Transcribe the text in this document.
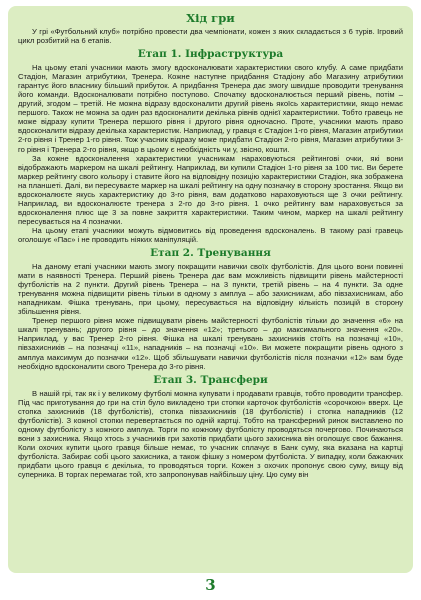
Хід гри

У грі «Футбольний клуб» потрібно провести два чемпіонати, кожен з яких складається з 6 турів. Ігровий цикл розбитий на 6 етапів.

Етап 1. Інфраструктура

На цьому етапі учасники мають змогу вдосконалювати характеристики свого клубу. А саме придбати Стадіон, Магазин атрибутики, Тренера. Кожне наступне придбання Стадіону або Магазину атрибутики гарантує його власнику більший прибуток. А придбання Тренера дає змогу швидше проводити тренування його команди. Вдосконалювати потрібно поступово. Спочатку вдосконалюється перший рівень, потім – другий, згодом – третій. Не можна відразу вдосконалити другий рівень якоїсь характеристики, якщо немає першого. Також не можна за один раз вдосконалити декілька рівнів однієї характеристики. Тобто гравець не може відразу купити Тренера першого рівня і другого рівня одночасно. Проте, учасники мають право вдосконалити відразу декілька характеристик. Наприклад, у гравця є Стадіон 1-го рівня, Магазин атрибутики 2-го рівня і Тренер 1-го рівня. Тож учасник відразу може придбати Стадіон 2-го рівня, Магазин атрибутики 3-го рівня і Тренера 2-го рівня, якщо в цьому є необхідність чи у, звісно, кошти.

За кожне вдосконалення характеристики учасникам нараховуються рейтингові очки, які вони відображають маркером на шкалі рейтингу. Наприклад, ви купили Стадіон 1-го рівня за 100 тис. Ви берете маркер рейтингу свого кольору і ставите його на відповідну позицію характеристики Стадіон, яка зображена на планшеті. Далі, ви пересуваєте маркер на шкалі рейтингу на одну позначку в сторону зростання. Якщо ви вдосконалюєте якусь характеристику до 3-го рівня, вам додатково нараховуються ще 3 очки рейтингу. Наприклад, ви вдосконалюєте тренера з 2-го до 3-го рівня. 1 очко рейтингу вам нараховується за вдосконалення плюс ще 3 за повне закриття характеристики. Таким чином, маркер на шкалі рейтингу пересувається на 4 позначки.

На цьому етапі учасники можуть відмовитись від проведення вдосконалень. В такому разі гравець оголошує «Пас» і не проводить ніяких маніпуляцій.

Етап 2. Тренування

На даному етапі учасники мають змогу покращити навички своїх футболістів. Для цього вони повинні мати в наявності Тренера. Перший рівень Тренера дає вам можливість підвищити рівень майстерності футболістів на 2 пункти. Другий рівень Тренера – на 3 пункти, третій рівень – на 4 пункти. За одне тренування можна підвищити рівень тільки в одному з амплуа – або захисникам, або півзахисникам, або нападникам. Фішка тренувань, при цьому, пересувається на відповідну кількість позицій в сторону збільшення рівня.

Тренер першого рівня може підвищувати рівень майстерності футболістів тільки до значення «6» на шкалі тренувань; другого рівня – до значення «12»; третього – до максимального значення «20». Наприклад, у вас Тренер 2-го рівня. Фішка на шкалі тренувань захисників стоїть на позначці «10», півзахисників – на позначці «11», нападників – на позначці «10». Ви можете покращити рівень одного з амплуа максимум до позначки «12». Щоб збільшувати навички футболістів після позначки «12» вам буде необхідно вдосконалити свого Тренера до 3-го рівня.

Етап 3. Трансфери

В нашій грі, так як і у великому футболі можна купувати і продавати гравців, тобто проводити трансфер. Під час приготування до гри на стіл було викладено три стопки карточок футболістів «сорочкою» вверх. Це стопка захисників (18 футболістів), стопка півзахисників (18 футболістів) і стопка нападників (12 футболістів). З кожної стопки перевертається по одній картці. Тобто на трансферний ринок виставлено по одному футболісту з кожного амплуа. Торги по кожному футболісту проводяться почергово. Починаються вони з захисника. Якщо хтось з учасників гри захотів придбати цього захисника він оголошує своє бажання. Коли охочих купити цього гравця більше немає, то учасник сплачує в Банк суму, яка вказана на картці футболіста. Забирає собі цього захисника, а також фішку з номером футболіста. У випадку, коли бажаючих придбати цього гравця є декілька, то проводяться торги. Кожен з охочих пропонує свою суму, вищу від суперника. В торгах перемагає той, хто запропонував найбільшу ціну. Цю суму він

3
